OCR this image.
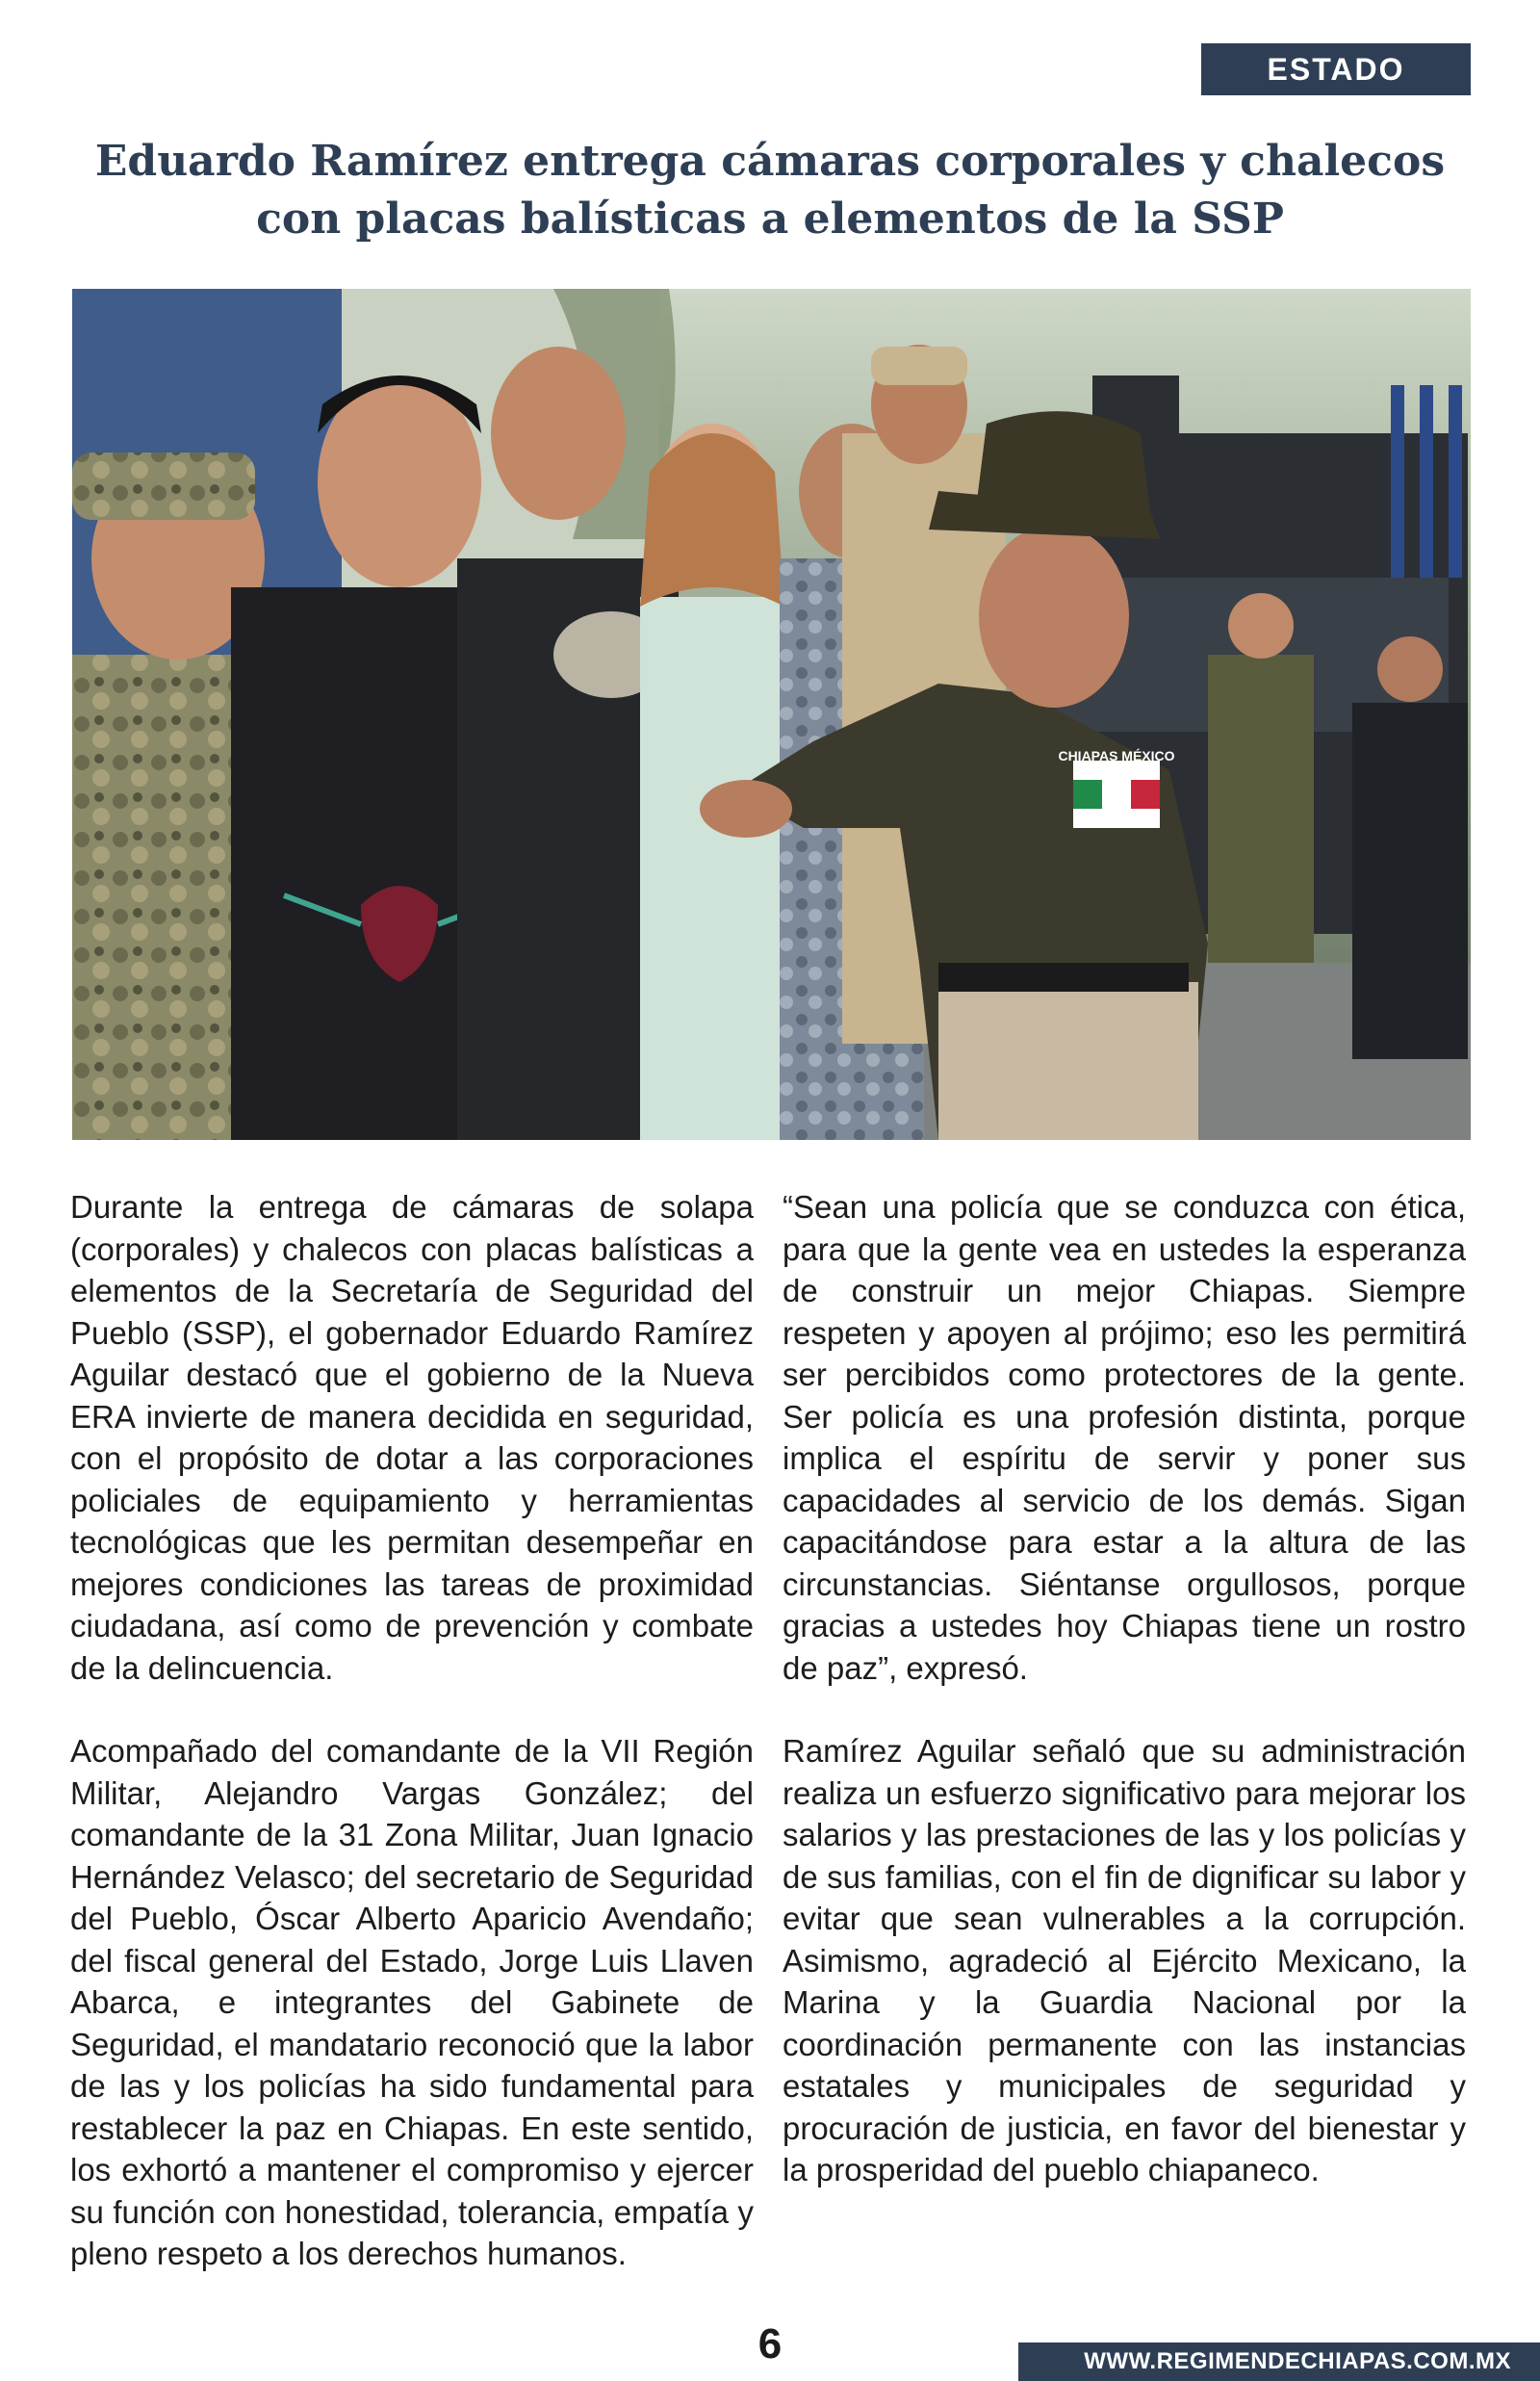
ESTADO
Eduardo Ramírez entrega cámaras corporales y chalecos con placas balísticas a elementos de la SSP
CHIAPAS MÉXICO

Durante la entrega de cámaras de solapa (corporales) y chalecos con placas balísticas a elementos de la Secretaría de Seguridad del Pueblo (SSP), el gobernador Eduardo Ramírez Aguilar destacó que el gobierno de la Nueva ERA invierte de manera decidida en seguridad, con el propósito de dotar a las corporaciones policiales de equipamiento y herramientas tecnológicas que les permitan desempeñar en mejores condiciones las tareas de proximidad ciudadana, así como de prevención y combate de la delincuencia.

Acompañado del comandante de la VII Región Militar, Alejandro Vargas González; del comandante de la 31 Zona Militar, Juan Ignacio Hernández Velasco; del secretario de Seguridad del Pueblo, Óscar Alberto Aparicio Avendaño; del fiscal general del Estado, Jorge Luis Llaven Abarca, e integrantes del Gabinete de Seguridad, el mandatario reconoció que la labor de las y los policías ha sido fundamental para restablecer la paz en Chiapas. En este sentido, los exhortó a mantener el compromiso y ejercer su función con honestidad, tolerancia, empatía y pleno respeto a los derechos humanos.

“Sean una policía que se conduzca con ética, para que la gente vea en ustedes la esperanza de construir un mejor Chiapas. Siempre respeten y apoyen al prójimo; eso les permitirá ser percibidos como protectores de la gente. Ser policía es una profesión distinta, porque implica el espíritu de servir y poner sus capacidades al servicio de los demás. Sigan capacitándose para estar a la altura de las circunstancias. Siéntanse orgullosos, porque gracias a ustedes hoy Chiapas tiene un rostro de paz”, expresó.

Ramírez Aguilar señaló que su administración realiza un esfuerzo significativo para mejorar los salarios y las prestaciones de las y los policías y de sus familias, con el fin de dignificar su labor y evitar que sean vulnerables a la corrupción. Asimismo, agradeció al Ejército Mexicano, la Marina y la Guardia Nacional por la coordinación permanente con las instancias estatales y municipales de seguridad y procuración de justicia, en favor del bienestar y la prosperidad del pueblo chiapaneco.

6	WWW.REGIMENDECHIAPAS.COM.MX
